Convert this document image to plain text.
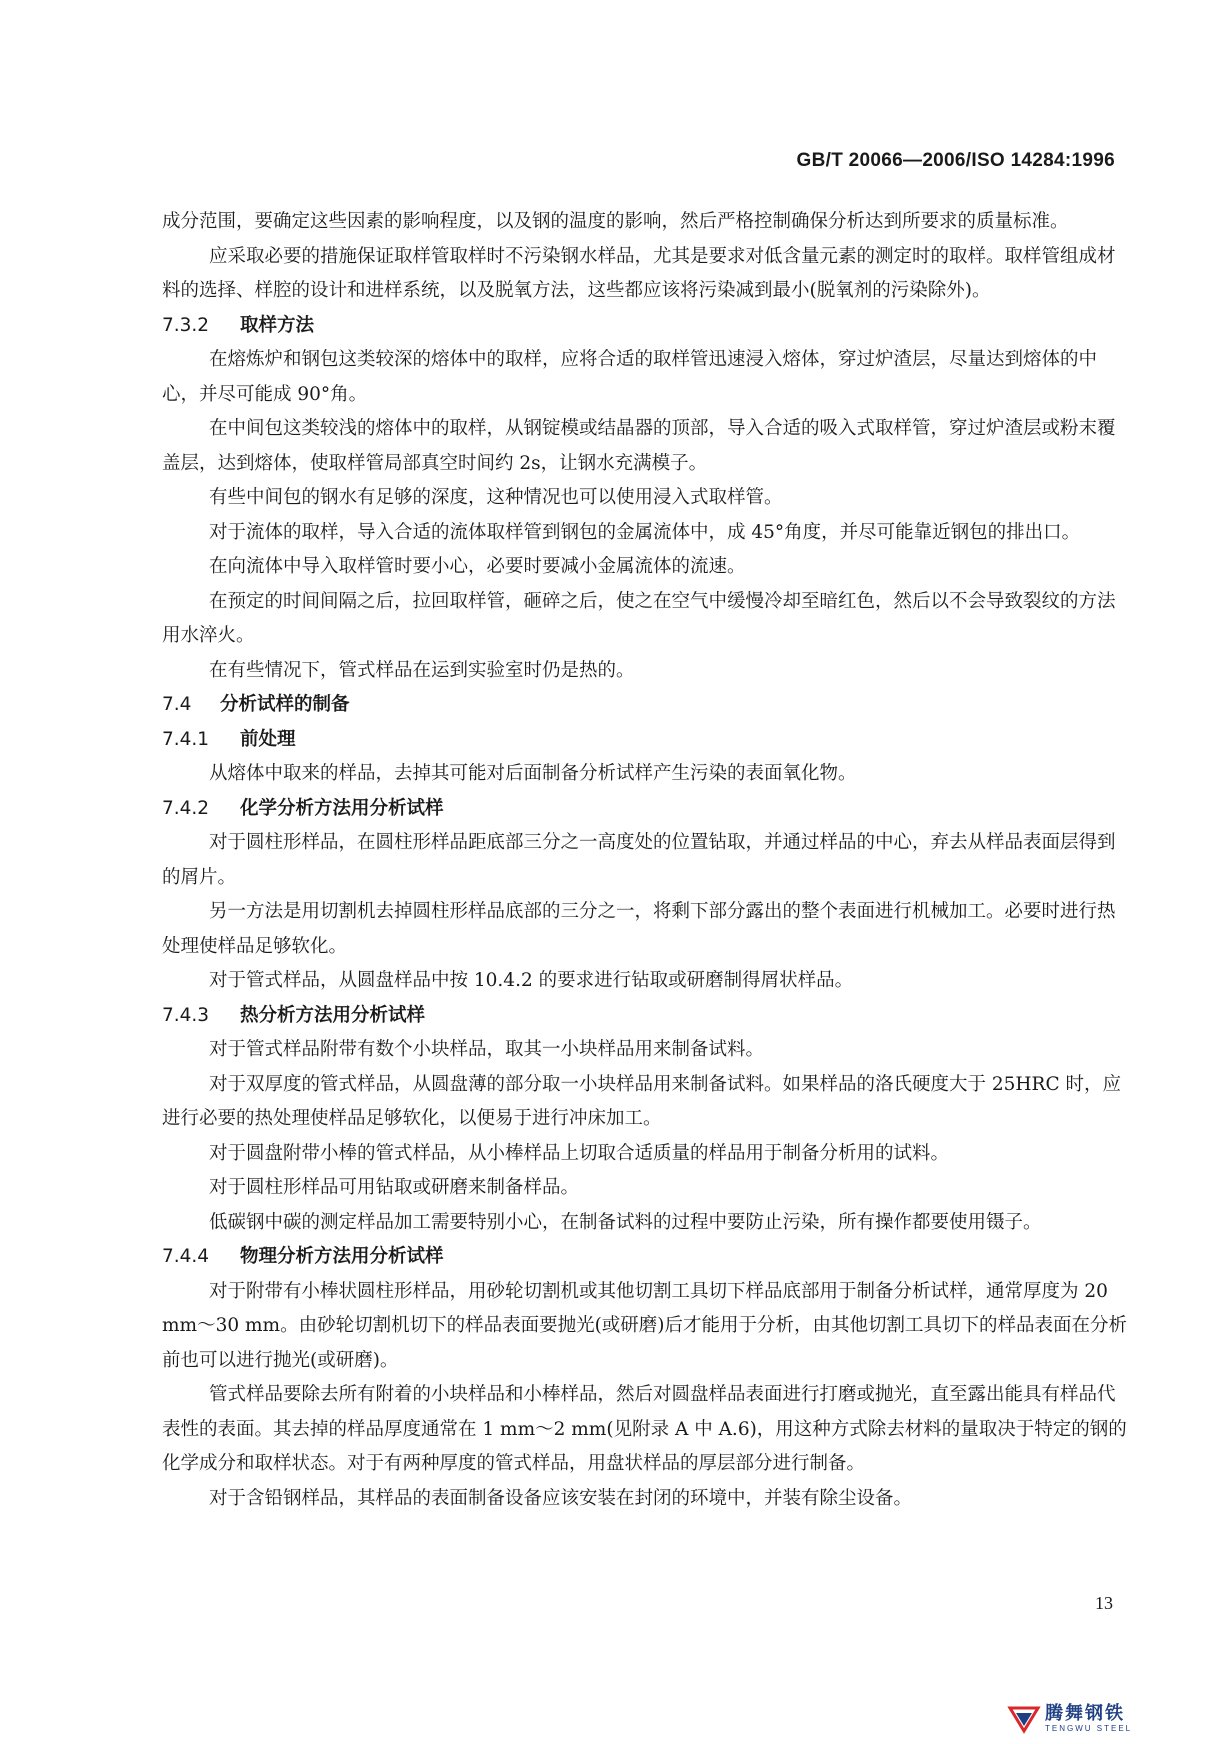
GB/T 20066—2006/ISO 14284:1996

成分范围，要确定这些因素的影响程度，以及钢的温度的影响，然后严格控制确保分析达到所要求的质量标准。

应采取必要的措施保证取样管取样时不污染钢水样品，尤其是要求对低含量元素的测定时的取样。取样管组成材料的选择、样腔的设计和进样系统，以及脱氧方法，这些都应该将污染减到最小(脱氧剂的污染除外)。

7.3.2 取样方法

在熔炼炉和钢包这类较深的熔体中的取样，应将合适的取样管迅速浸入熔体，穿过炉渣层，尽量达到熔体的中心，并尽可能成 90°角。

在中间包这类较浅的熔体中的取样，从钢锭模或结晶器的顶部，导入合适的吸入式取样管，穿过炉渣层或粉末覆盖层，达到熔体，使取样管局部真空时间约 2s，让钢水充满模子。

有些中间包的钢水有足够的深度，这种情况也可以使用浸入式取样管。

对于流体的取样，导入合适的流体取样管到钢包的金属流体中，成 45°角度，并尽可能靠近钢包的排出口。

在向流体中导入取样管时要小心，必要时要减小金属流体的流速。

在预定的时间间隔之后，拉回取样管，砸碎之后，使之在空气中缓慢冷却至暗红色，然后以不会导致裂纹的方法用水淬火。

在有些情况下，管式样品在运到实验室时仍是热的。

7.4 分析试样的制备
7.4.1 前处理

从熔体中取来的样品，去掉其可能对后面制备分析试样产生污染的表面氧化物。

7.4.2 化学分析方法用分析试样

对于圆柱形样品，在圆柱形样品距底部三分之一高度处的位置钻取，并通过样品的中心，弃去从样品表面层得到的屑片。

另一方法是用切割机去掉圆柱形样品底部的三分之一，将剩下部分露出的整个表面进行机械加工。必要时进行热处理使样品足够软化。

对于管式样品，从圆盘样品中按 10.4.2 的要求进行钻取或研磨制得屑状样品。

7.4.3 热分析方法用分析试样

对于管式样品附带有数个小块样品，取其一小块样品用来制备试料。

对于双厚度的管式样品，从圆盘薄的部分取一小块样品用来制备试料。如果样品的洛氏硬度大于 25HRC 时，应进行必要的热处理使样品足够软化，以便易于进行冲床加工。

对于圆盘附带小棒的管式样品，从小棒样品上切取合适质量的样品用于制备分析用的试料。

对于圆柱形样品可用钻取或研磨来制备样品。

低碳钢中碳的测定样品加工需要特别小心，在制备试料的过程中要防止污染，所有操作都要使用镊子。

7.4.4 物理分析方法用分析试样

对于附带有小棒状圆柱形样品，用砂轮切割机或其他切割工具切下样品底部用于制备分析试样，通常厚度为 20 mm～30 mm。由砂轮切割机切下的样品表面要抛光(或研磨)后才能用于分析，由其他切割工具切下的样品表面在分析前也可以进行抛光(或研磨)。

管式样品要除去所有附着的小块样品和小棒样品，然后对圆盘样品表面进行打磨或抛光，直至露出能具有样品代表性的表面。其去掉的样品厚度通常在 1 mm～2 mm(见附录 A 中 A.6)，用这种方式除去材料的量取决于特定的钢的化学成分和取样状态。对于有两种厚度的管式样品，用盘状样品的厚层部分进行制备。

对于含铅钢样品，其样品的表面制备设备应该安装在封闭的环境中，并装有除尘设备。

13
腾舞钢铁
TENGWU STEEL
